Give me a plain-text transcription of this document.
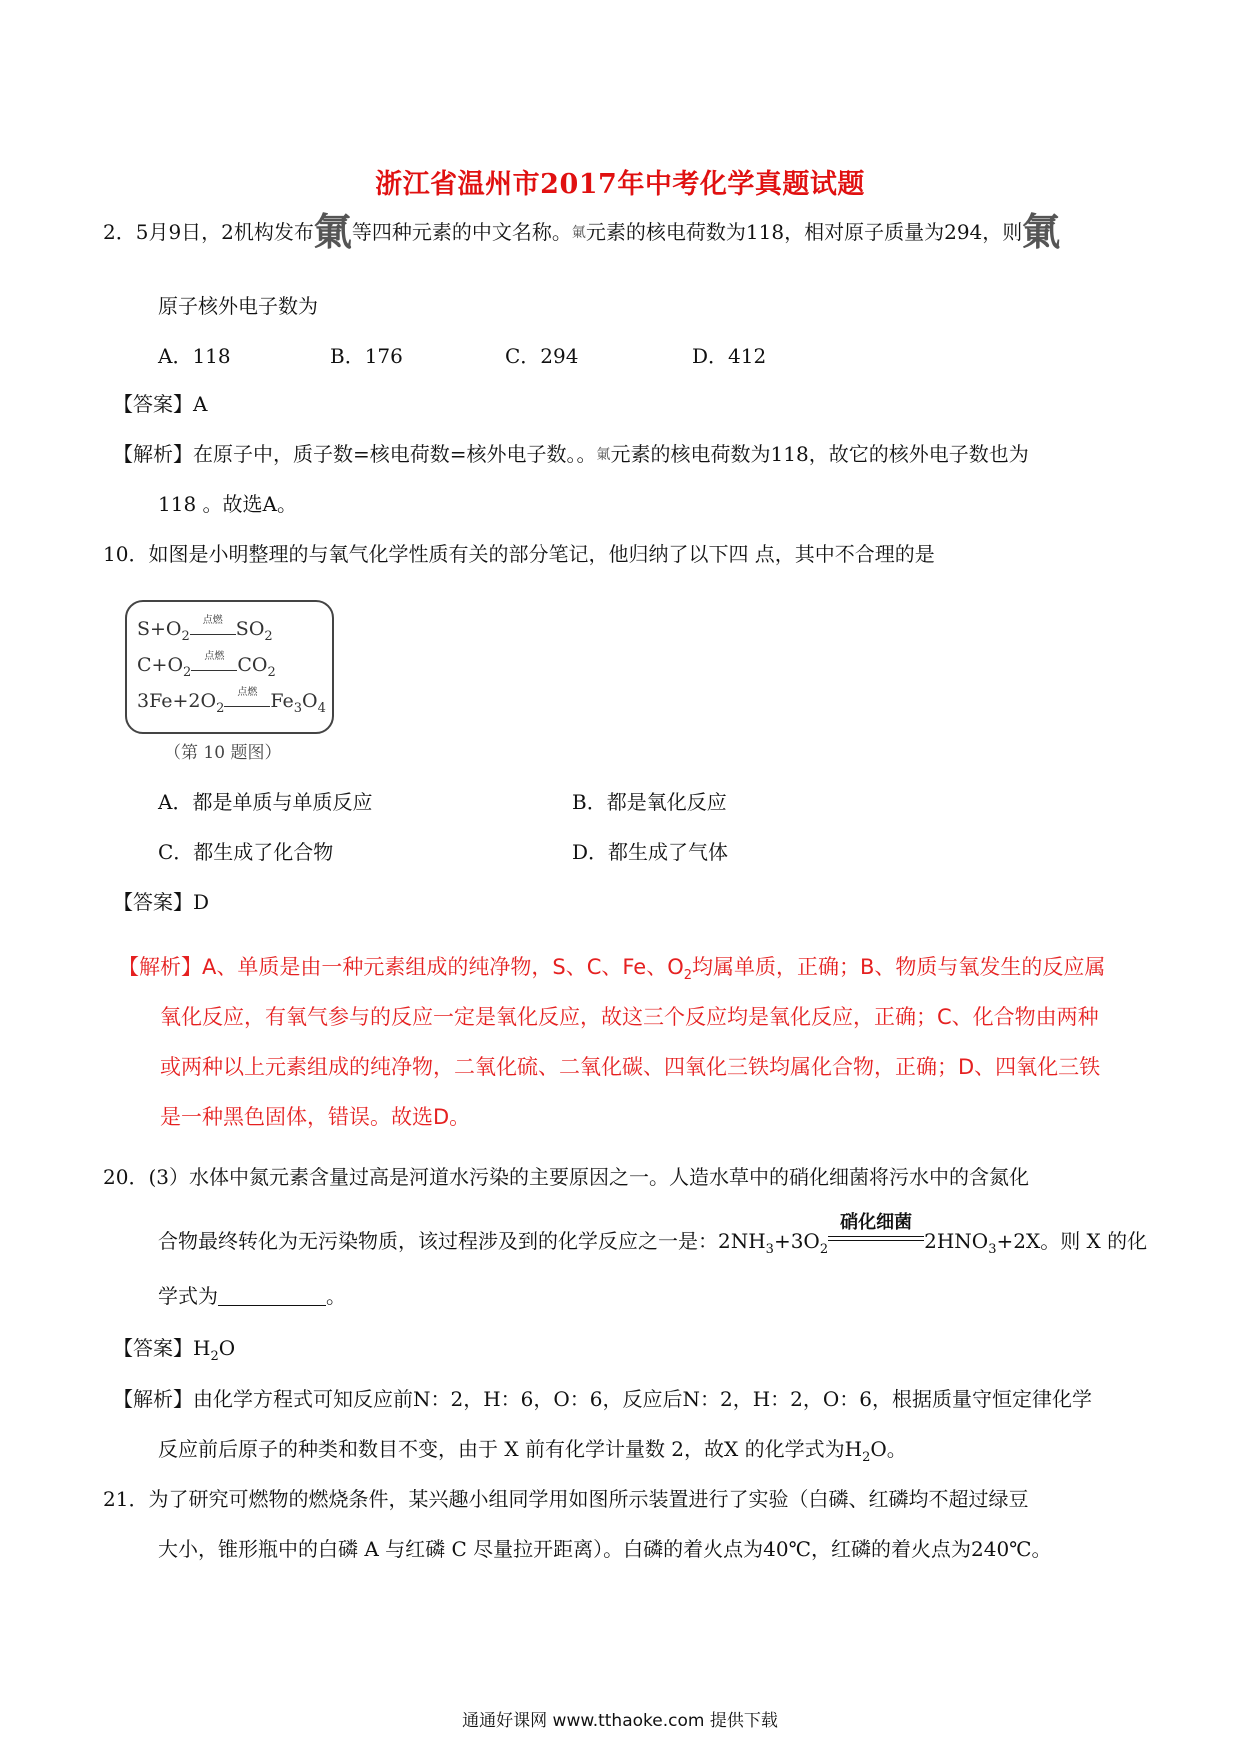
浙江省温州市2017年中考化学真题试题
2．5月9日，2机构发布氭等四种元素的中文名称。氭元素的核电荷数为118，相对原子质量为294，则氭
原子核外电子数为
A．118	B．176	C．294	D．412
【答案】A
【解析】在原子中，质子数=核电荷数=核外电子数。。氭元素的核电荷数为118，故它的核外电子数也为
118 。故选A。
10．如图是小明整理的与氧气化学性质有关的部分笔记，他归纳了以下四 点，其中不合理的是
$S+O_2$
点燃 $SO_2$
$C+O_2$
点燃 $CO_2$
$3Fe+2O_2$
点燃 $Fe_3O_4$
（第 10 题图）
A．都是单质与单质反应	B．都是氧化反应
C．都生成了化合物	D．都生成了气体
【答案】D
【解析】A、单质是由一种元素组成的纯净物，S、C、Fe、$O_2$均属单质，正确；B、物质与氧发生的反应属
氧化反应，有氧气参与的反应一定是氧化反应，故这三个反应均是氧化反应，正确；C、化合物由两种
或两种以上元素组成的纯净物，二氧化硫、二氧化碳、四氧化三铁均属化合物，正确；D、四氧化三铁
是一种黑色固体，错误。故选D。
20．(3）水体中氮元素含量过高是河道水污染的主要原因之一。人造水草中的硝化细菌将污水中的含氮化
合物最终转化为无污染物质，该过程涉及到的化学反应之一是：$2NH_3+3O_2$
硝化细菌
$2HNO_3+2X$。则 X 的化
学式为	。
【答案】$H_2O$
【解析】由化学方程式可知反应前N：2，H：6，O：6，反应后N：2，H：2，O：6，根据质量守恒定律化学
反应前后原子的种类和数目不变，由于 X 前有化学计量数 2，故X 的化学式为$H_2O$。
21．为了研究可燃物的燃烧条件，某兴趣小组同学用如图所示装置进行了实验（白磷、红磷均不超过绿豆
大小，锥形瓶中的白磷 A 与红磷 C 尽量拉开距离）。白磷的着火点为40℃，红磷的着火点为240℃。
通通好课网 www.tthaoke.com 提供下载
